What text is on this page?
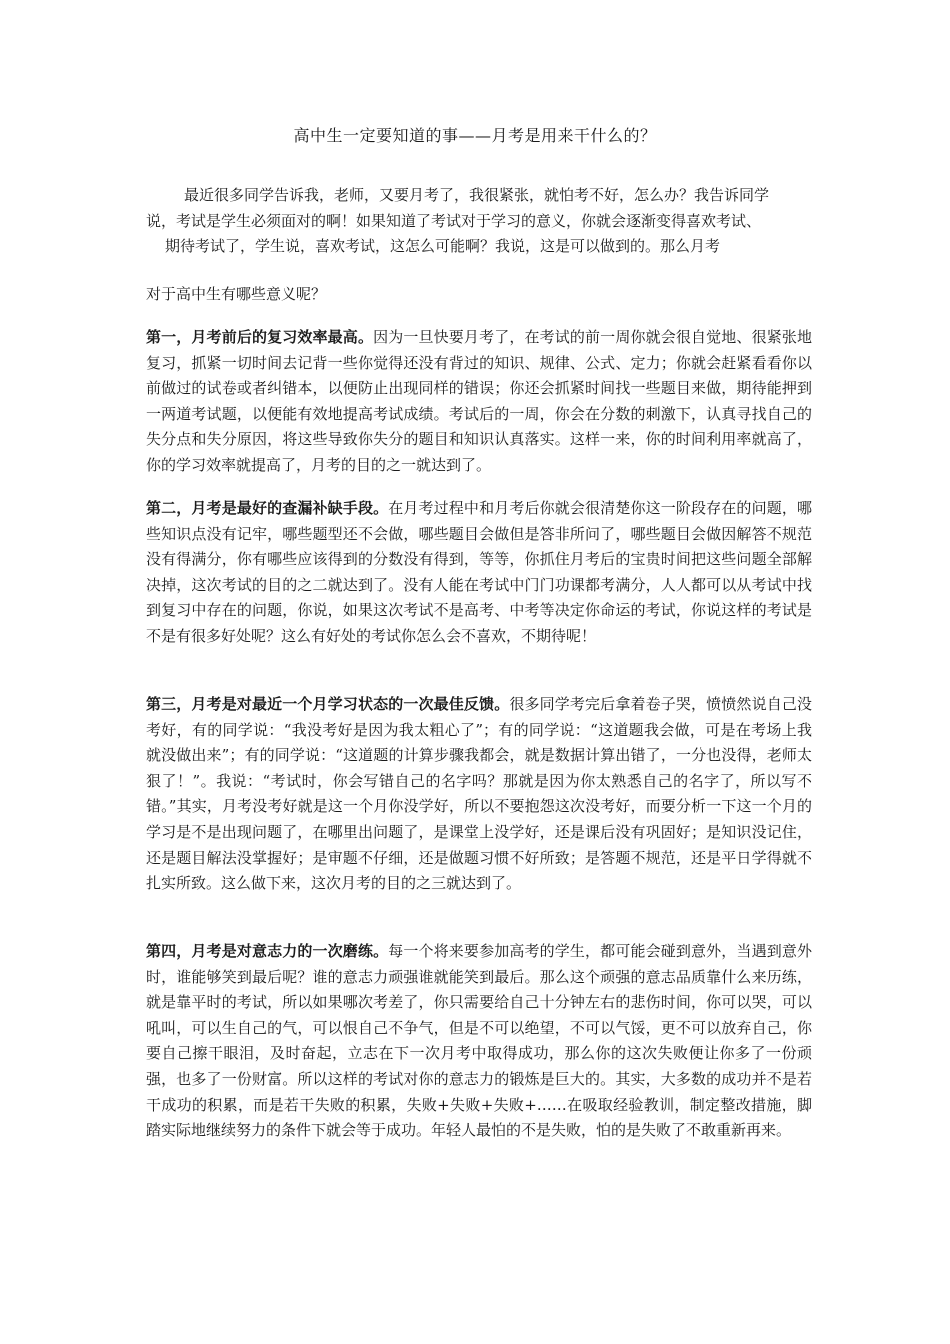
高中生一定要知道的事——月考是用来干什么的？
最近很多同学告诉我，老师，又要月考了，我很紧张，就怕考不好，怎么办？我告诉同学
说，考试是学生必须面对的啊！如果知道了考试对于学习的意义，你就会逐渐变得喜欢考试、
期待考试了，学生说，喜欢考试，这怎么可能啊？我说，这是可以做到的。那么月考
对于高中生有哪些意义呢？
第一，月考前后的复习效率最高。因为一旦快要月考了，在考试的前一周你就会很自觉地、很紧张地复习，抓紧一切时间去记背一些你觉得还没有背过的知识、规律、公式、定力；你就会赶紧看看你以前做过的试卷或者纠错本，以便防止出现同样的错误；你还会抓紧时间找一些题目来做，期待能押到一两道考试题，以便能有效地提高考试成绩。考试后的一周，你会在分数的刺激下，认真寻找自己的失分点和失分原因，将这些导致你失分的题目和知识认真落实。这样一来，你的时间利用率就高了，你的学习效率就提高了，月考的目的之一就达到了。
第二，月考是最好的查漏补缺手段。在月考过程中和月考后你就会很清楚你这一阶段存在的问题，哪些知识点没有记牢，哪些题型还不会做，哪些题目会做但是答非所问了，哪些题目会做因解答不规范没有得满分，你有哪些应该得到的分数没有得到，等等，你抓住月考后的宝贵时间把这些问题全部解决掉，这次考试的目的之二就达到了。没有人能在考试中门门功课都考满分，人人都可以从考试中找到复习中存在的问题，你说，如果这次考试不是高考、中考等决定你命运的考试，你说这样的考试是不是有很多好处呢？这么有好处的考试你怎么会不喜欢，不期待呢！
第三，月考是对最近一个月学习状态的一次最佳反馈。很多同学考完后拿着卷子哭，愤愤然说自己没考好，有的同学说：“我没考好是因为我太粗心了”；有的同学说：“这道题我会做，可是在考场上我就没做出来”；有的同学说：“这道题的计算步骤我都会，就是数据计算出错了，一分也没得，老师太狠了！”。我说：“考试时，你会写错自己的名字吗？那就是因为你太熟悉自己的名字了，所以写不错。”其实，月考没考好就是这一个月你没学好，所以不要抱怨这次没考好，而要分析一下这一个月的学习是不是出现问题了，在哪里出问题了，是课堂上没学好，还是课后没有巩固好；是知识没记住，还是题目解法没掌握好；是审题不仔细，还是做题习惯不好所致；是答题不规范，还是平日学得就不扎实所致。这么做下来，这次月考的目的之三就达到了。
第四，月考是对意志力的一次磨练。每一个将来要参加高考的学生，都可能会碰到意外，当遇到意外时，谁能够笑到最后呢？谁的意志力顽强谁就能笑到最后。那么这个顽强的意志品质靠什么来历练，就是靠平时的考试，所以如果哪次考差了，你只需要给自己十分钟左右的悲伤时间，你可以哭，可以吼叫，可以生自己的气，可以恨自己不争气，但是不可以绝望，不可以气馁，更不可以放弃自己，你要自己擦干眼泪，及时奋起，立志在下一次月考中取得成功，那么你的这次失败便让你多了一份顽强，也多了一份财富。所以这样的考试对你的意志力的锻炼是巨大的。其实，大多数的成功并不是若干成功的积累，而是若干失败的积累，失败+失败+失败+……在吸取经验教训，制定整改措施，脚踏实际地继续努力的条件下就会等于成功。年轻人最怕的不是失败，怕的是失败了不敢重新再来。
